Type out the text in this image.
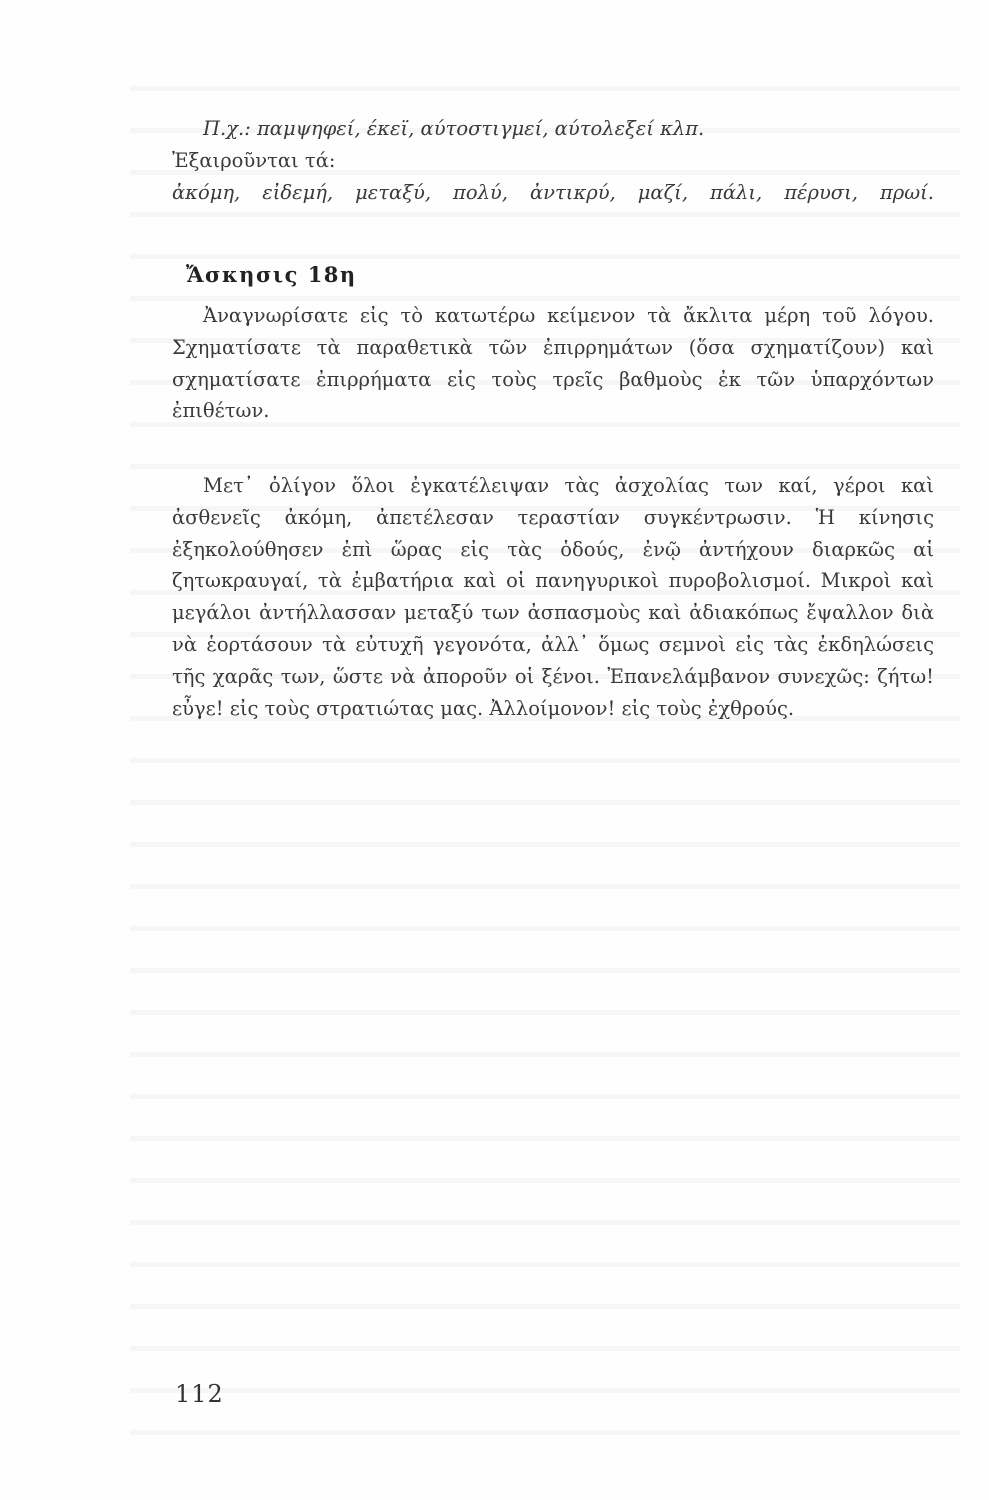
Π.χ.: παμψηφεί, έκεϊ, αύτοστιγμεί, αύτολεξεί κλπ.
Ἐξαιροῦνται τά:
ἀκόμη, εἰδεμή, μεταξύ, πολύ, ἀντικρύ, μαζί, πάλι, πέρυσι, πρωί.
Ἄσκησις 18η

Ἀναγνωρίσατε εἰς τὸ κατωτέρω κείμενον τὰ ἄκλιτα μέρη τοῦ λόγου. Σχηματίσατε τὰ παραθετικὰ τῶν ἐπιρρημάτων (ὅσα σχηματίζουν) καὶ σχηματίσατε ἐπιρρήματα εἰς τοὺς τρεῖς βαθμοὺς ἐκ τῶν ὑπαρχόντων ἐπιθέτων.

Μετ᾽ ὀλίγον ὅλοι ἐγκατέλειψαν τὰς ἀσχολίας των καί, γέροι καὶ ἀσθενεῖς ἀκόμη, ἀπετέλεσαν τεραστίαν συγκέντρωσιν. Ἡ κίνησις ἐξηκολούθησεν ἐπὶ ὥρας εἰς τὰς ὁδούς, ἐνῷ ἀντήχουν διαρκῶς αἱ ζητωκραυγαί, τὰ ἐμβατήρια καὶ οἱ πανηγυρικοὶ πυροβολισμοί. Μικροὶ καὶ μεγάλοι ἀντήλλασσαν μεταξύ των ἀσπασμοὺς καὶ ἀδιακόπως ἔψαλλον διὰ νὰ ἑορτάσουν τὰ εὐτυχῆ γεγονότα, ἀλλ᾽ ὅμως σεμνοὶ εἰς τὰς ἐκδηλώσεις τῆς χαρᾶς των, ὥστε νὰ ἀποροῦν οἱ ξένοι. Ἐπανελάμβανον συνεχῶς: ζήτω! εὖγε! εἰς τοὺς στρατιώτας μας. Ἀλλοίμονον! εἰς τοὺς ἐχθρούς.

112
